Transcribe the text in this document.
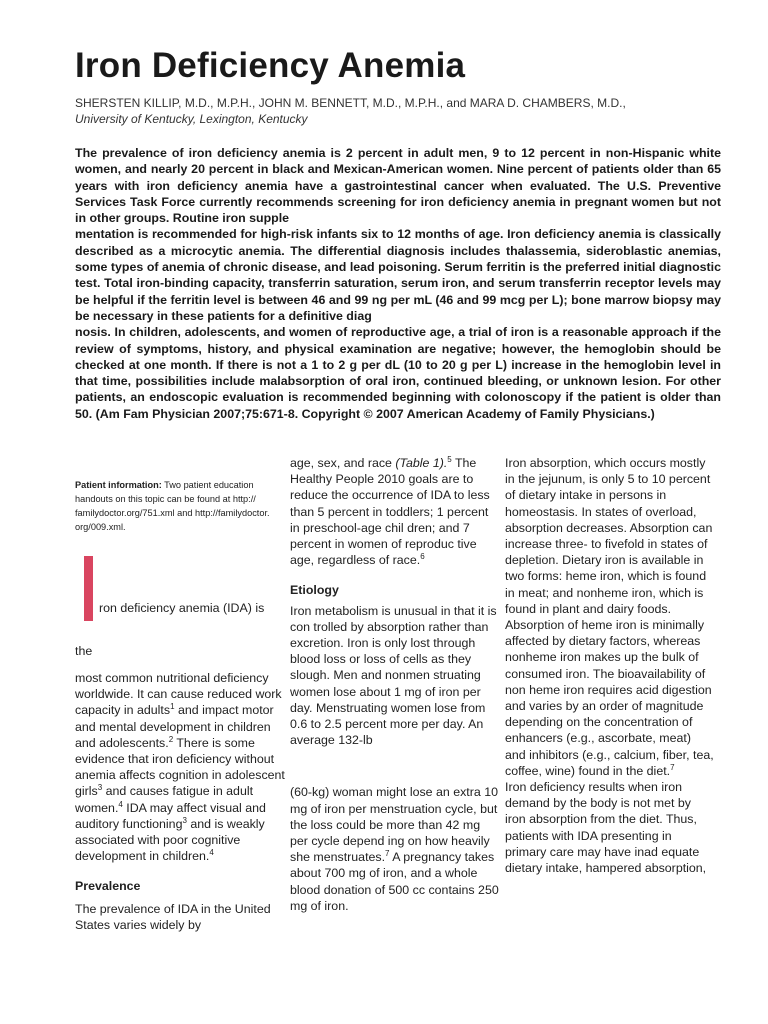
Iron Deficiency Anemia
SHERSTEN KILLIP, M.D., M.P.H., JOHN M. BENNETT, M.D., M.P.H., and MARA D. CHAMBERS, M.D., University of Kentucky, Lexington, Kentucky

The prevalence of iron deficiency anemia is 2 percent in adult men, 9 to 12 percent in non-Hispanic white women, and nearly 20 percent in black and Mexican-American women. Nine percent of patients older than 65 years with iron deficiency anemia have a gastrointestinal cancer when evaluated. The U.S. Preventive Services Task Force currently recommends screening for iron deficiency anemia in pregnant women but not in other groups. Routine iron supple

mentation is recommended for high-risk infants six to 12 months of age. Iron deficiency anemia is classically described as a microcytic anemia. The differential diagnosis includes thalassemia, sideroblastic anemias, some types of anemia of chronic disease, and lead poisoning. Serum ferritin is the preferred initial diagnostic test. Total iron-binding capacity, transferrin saturation, serum iron, and serum transferrin receptor levels may be helpful if the ferritin level is between 46 and 99 ng per mL (46 and 99 mcg per L); bone marrow biopsy may be necessary in these patients for a definitive diag

nosis. In children, adolescents, and women of reproductive age, a trial of iron is a reasonable approach if the review of symptoms, history, and physical examination are negative; however, the hemoglobin should be checked at one month. If there is not a 1 to 2 g per dL (10 to 20 g per L) increase in the hemoglobin level in that time, possibilities include malabsorption of oral iron, continued bleeding, or unknown lesion. For other patients, an endoscopic evaluation is recommended beginning with colonoscopy if the patient is older than 50. (Am Fam Physician 2007;75:671-8. Copyright © 2007 American Academy of Family Physicians.)

Patient information: Two patient education handouts on this topic can be found at http:// familydoctor.org/751.xml and http://familydoctor. org/009.xml.

ron deficiency anemia (IDA) is
the

most common nutritional deficiency worldwide. It can cause reduced work capacity in adults$^1$ and impact motor

and mental development in children and adolescents.$^2$ There is some evidence that iron deficiency without anemia affects cognition in adolescent girls$^3$ and causes fatigue in adult women.$^4$ IDA may affect visual and auditory functioning$^3$ and is weakly associated with poor cognitive development in children.$^4$

Prevalence

The prevalence of IDA in the United States varies widely by

age, sex, and race (Table 1).$^5$ The Healthy People 2010 goals are to reduce the occurrence of IDA to less than 5 percent in toddlers; 1 percent in preschool-age chil dren; and 7 percent in women of reproduc tive age, regardless of race.$^6$

Etiology

Iron metabolism is unusual in that it is con trolled by absorption rather than excretion. Iron is only lost through blood loss or loss of cells as they slough. Men and nonmen struating women lose about 1 mg of iron per day. Menstruating women lose from 0.6 to 2.5 percent more per day. An average 132-lb

(60-kg) woman might lose an extra 10 mg of iron per menstruation cycle, but the loss could be more than 42 mg per cycle depend ing on how heavily she menstruates.$^7$ A pregnancy takes about 700 mg of iron, and a whole blood donation of 500 cc contains 250 mg of iron.

Iron absorption, which occurs mostly in the jejunum, is only 5 to 10 percent of dietary intake in persons in homeostasis. In states of overload, absorption decreases. Absorption can increase three- to fivefold in states of depletion. Dietary iron is available in two forms: heme iron, which is found in meat; and nonheme iron, which is found in plant and dairy foods. Absorption of heme iron is minimally affected by dietary factors, whereas nonheme iron makes up the bulk of consumed iron. The bioavailability of non heme iron requires acid digestion and varies by an order of magnitude depending on the concentration of enhancers (e.g., ascorbate, meat) and inhibitors (e.g., calcium, fiber, tea, coffee, wine) found in the diet.$^7$

Iron deficiency results when iron demand by the body is not met by iron absorption from the diet. Thus, patients with IDA presenting in primary care may have inad equate dietary intake, hampered absorption,
